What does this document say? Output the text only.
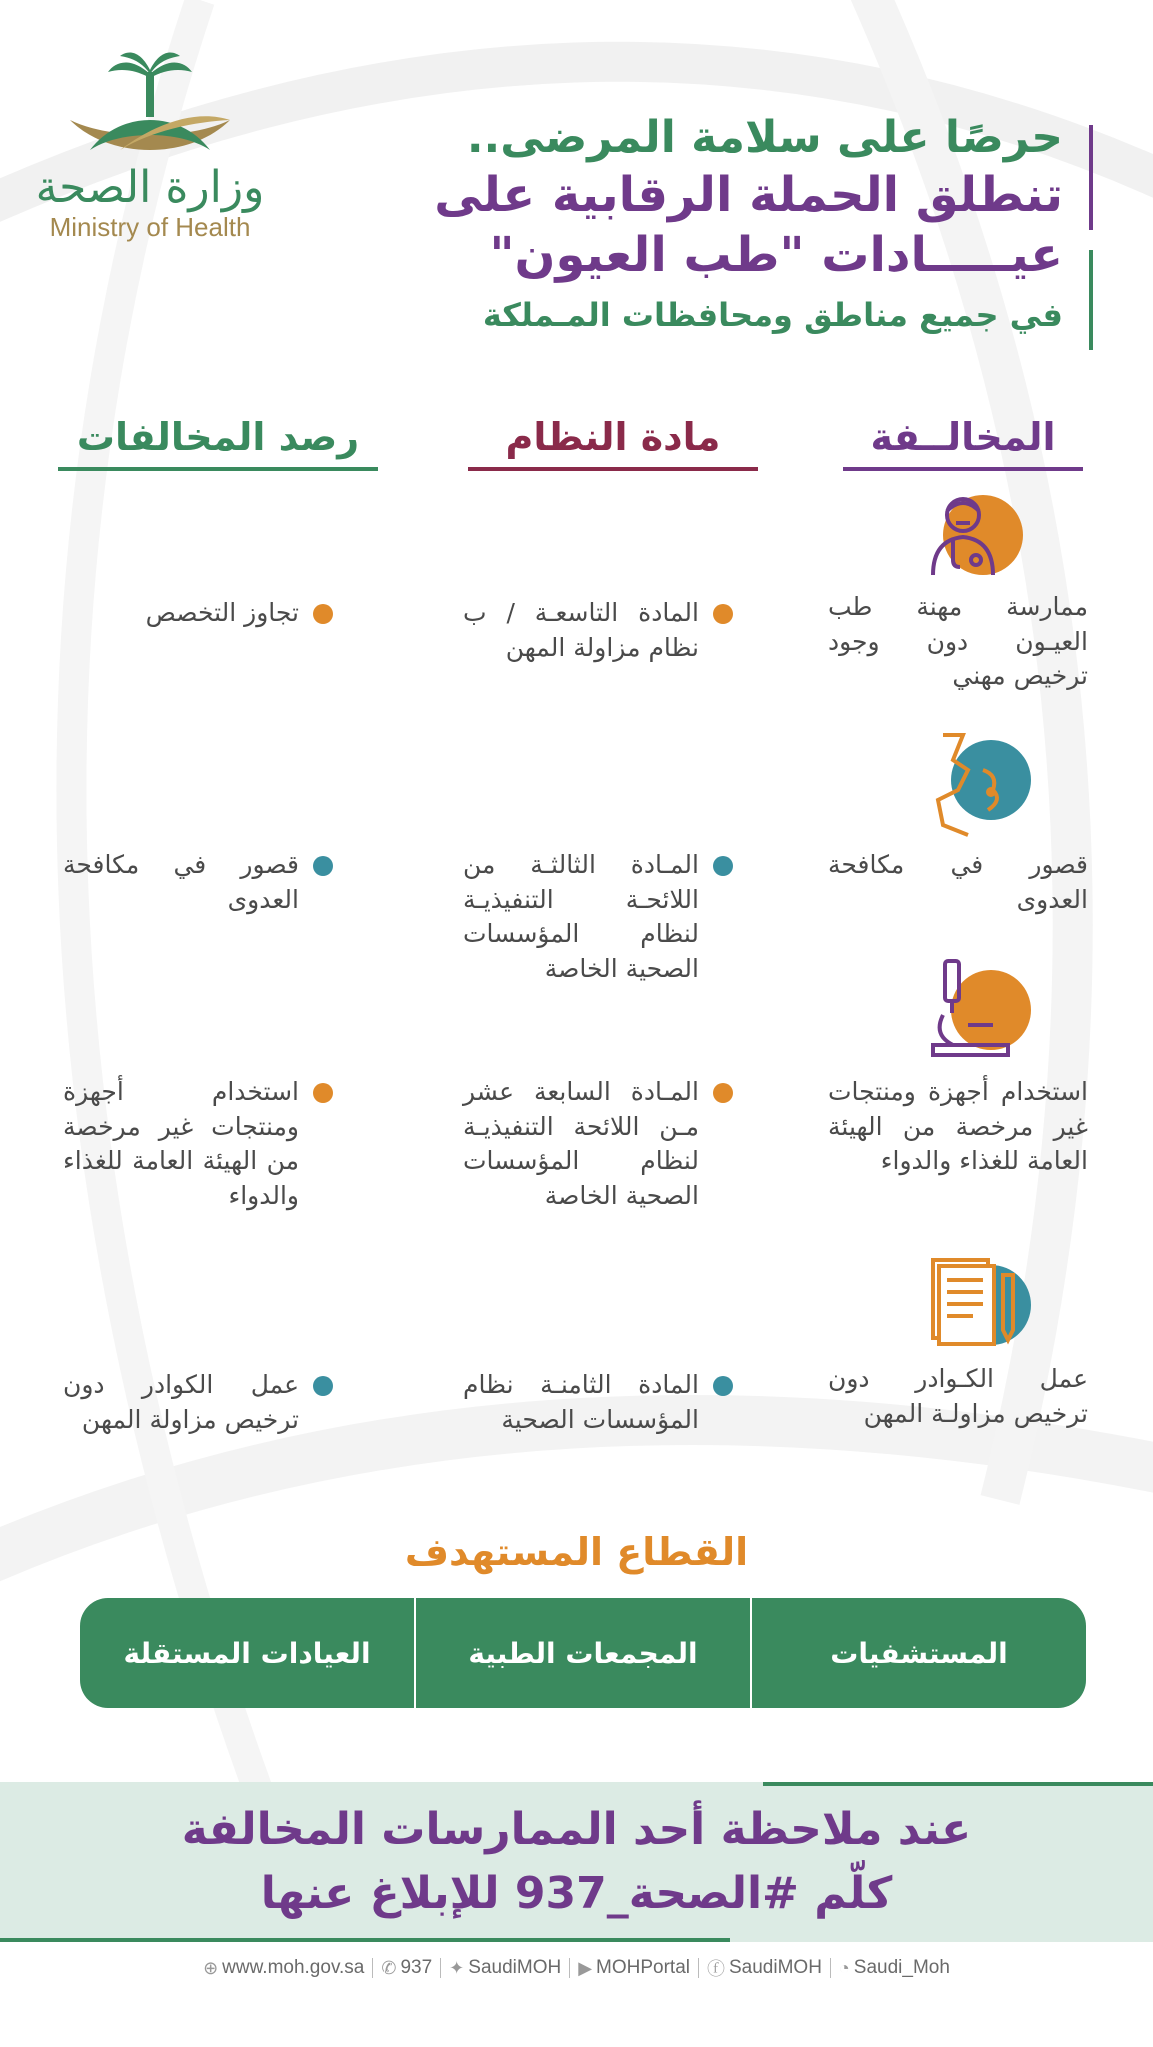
وزارة الصحة
Ministry of Health
حرصًا على سلامة المرضى..
تنطلق الحملة الرقابية على
عيـــــادات "طب العيون"
في جميع مناطق ومحافظات المـملكة
المخالــفة
مادة النظام
رصد المخالفات
ممارسة مهنة طب العيـون دون وجود ترخيص مهني
المادة التاسعـة / ب نظام مزاولة المهن
تجاوز التخصص
قصور في مكافحة العدوى
المـادة الثالثـة من اللائحـة التنفيذيـة لنظام المؤسسات الصحية الخاصة
قصور في مكافحة العدوى
استخدام أجهزة ومنتجات غير مرخصة من الهيئة العامة للغذاء والدواء
المـادة السابعة عشر مـن اللائحة التنفيذيـة لنظام المؤسسات الصحية الخاصة
استخدام أجهزة ومنتجات غير مرخصة من الهيئة العامة للغذاء والدواء
عمل الكـوادر دون ترخيص مزاولـة المهن
المادة الثامنـة نظام المؤسسات الصحية
عمل الكوادر دون ترخيص مزاولة المهن
القطاع المستهدف
المستشفيات
المجمعات الطبية
العيادات المستقلة
عند ملاحظة أحد الممارسات المخالفة
كلّم #الصحة_937 للإبلاغ عنها
⊕ www.moh.gov.sa ✆ 937 ✦ SaudiMOH ▶ MOHPortal ⓕ SaudiMOH ◔ Saudi_Moh
